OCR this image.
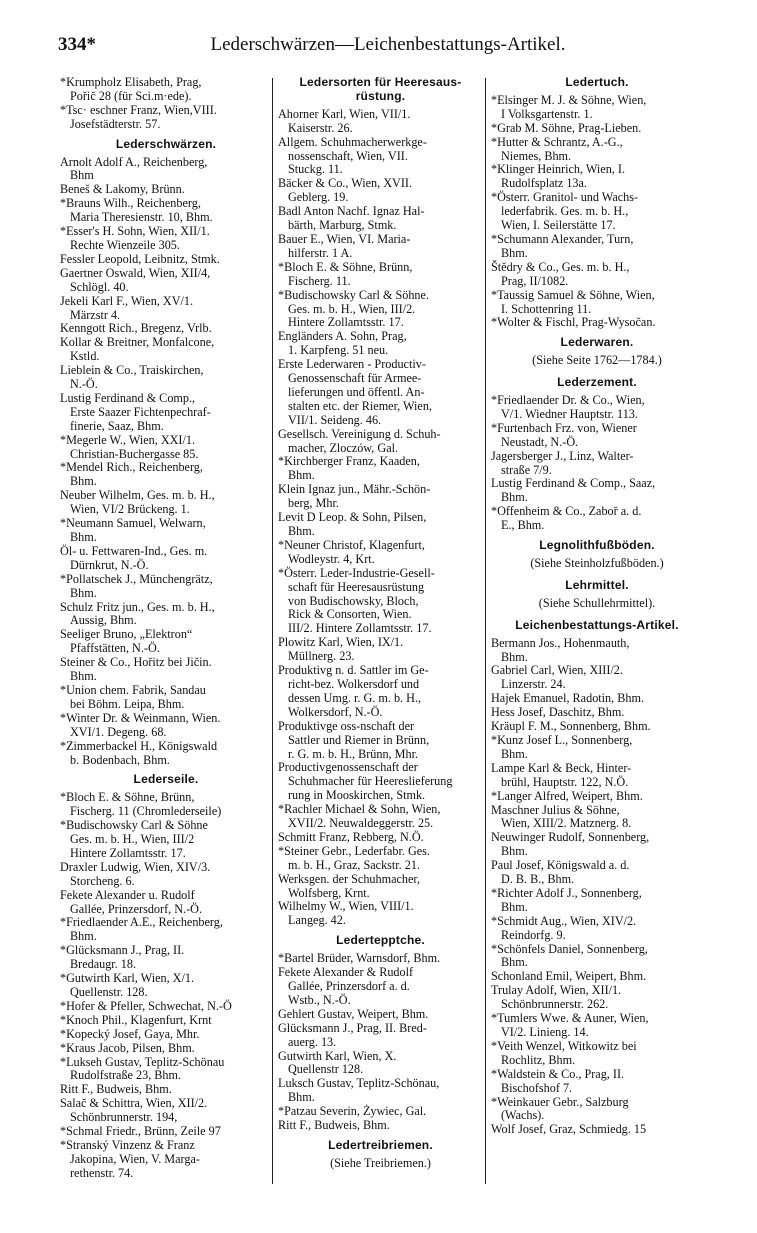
334*	Lederschwärzen—Leichenbestattungs-Artikel.
*Krumpholz Elisabeth, Prag,
Pořič 28 (für Sci.m·ede).
*Tsc· eschner Franz, Wien,VIII.
Josefstädterstr. 57.
Lederschwärzen.
Arnolt Adolf A., Reichenberg,
Bhm
Beneš & Lakomy, Brünn.
*Brauns Wilh., Reichenberg,
Maria Theresienstr. 10, Bhm.
*Esser's H. Sohn, Wien, XII/1.
Rechte Wienzeile 305.
Fessler Leopold, Leibnitz, Stmk.
Gaertner Oswald, Wien, XII/4,
Schlögl. 40.
Jekeli Karl F., Wien, XV/1.
Märzstr 4.
Kenngott Rich., Bregenz, Vrlb.
Kollar & Breitner, Monfalcone,
Kstld.
Lieblein & Co., Traiskirchen,
N.-Ö.
Lustig Ferdinand & Comp.,
Erste Saazer Fichtenpechraf-
finerie, Saaz, Bhm.
*Megerle W., Wien, XXI/1.
Christian-Buchergasse 85.
*Mendel Rich., Reichenberg,
Bhm.
Neuber Wilhelm, Ges. m. b. H.,
Wien, VI/2 Brückeng. 1.
*Neumann Samuel, Welwarn,
Bhm.
Öl- u. Fettwaren-Ind., Ges. m.
Dürnkrut, N.-Ö.
*Pollatschek J., Münchengrätz,
Bhm.
Schulz Fritz jun., Ges. m. b. H.,
Aussig, Bhm.
Seeliger Bruno, „Elektron“
Pfaffstätten, N.-Ö.
Steiner & Co., Hořitz bei Jičin.
Bhm.
*Union chem. Fabrik, Sandau
bei Böhm. Leipa, Bhm.
*Winter Dr. & Weinmann, Wien.
XVI/1. Degeng. 68.
*Zimmerbackel H., Königswald
b. Bodenbach, Bhm.
Lederseile.
*Bloch E. & Söhne, Brünn,
Fischerg. 11 (Chromlederseile)
*Budischowsky Carl & Söhne
Ges. m. b. H., Wien, III/2
Hintere Zollamtsstr. 17.
Draxler Ludwig, Wien, XIV/3.
Storcheng. 6.
Fekete Alexander u. Rudolf
Gallée, Prinzersdorf, N.-Ö.
*Friedlaender A.E., Reichenberg,
Bhm.
*Glücksmann J., Prag, II.
Bredaugr. 18.
*Gutwirth Karl, Wien, X/1.
Quellenstr. 128.
*Hofer & Pfeller, Schwechat, N.-Ö
*Knoch Phil., Klagenfurt, Krnt
*Kopecký Josef, Gaya, Mhr.
*Kraus Jacob, Pilsen, Bhm.
*Lukseh Gustav, Teplitz-Schönau
Rudolfstraße 23, Bhm.
Ritt F., Budweis, Bhm.
Salač & Schittra, Wien, XII/2.
Schönbrunnerstr. 194,
*Schmal Friedr., Brünn, Zeile 97
*Stranský Vinzenz & Franz
Jakopina, Wien, V. Marga-
rethenstr. 74.
Ledersorten für Heeresaus-
rüstung.
Ahorner Karl, Wien, VII/1.
Kaiserstr. 26.
Allgem. Schuhmacherwerkge-
nossenschaft, Wien, VII.
Stuckg. 11.
Bäcker & Co., Wien, XVII.
Geblerg. 19.
Badl Anton Nachf. Ignaz Hal-
bärth, Marburg, Stmk.
Bauer E., Wien, VI. Maria-
hilferstr. 1 A.
*Bloch E. & Söhne, Brünn,
Fischerg. 11.
*Budischowsky Carl & Söhne.
Ges. m. b. H., Wien, III/2.
Hintere Zollamtsstr. 17.
Engländers A. Sohn, Prag,
1. Karpfeng. 51 neu.
Erste Lederwaren - Productiv-
Genossenschaft für Armee-
lieferungen und öffentl. An-
stalten etc. der Riemer, Wien,
VII/1. Seideng. 46.
Gesellsch. Vereinigung d. Schuh-
macher, Zloczów, Gal.
*Kirchberger Franz, Kaaden,
Bhm.
Klein Ignaz jun., Mähr.-Schön-
berg, Mhr.
Levit D Leop. & Sohn, Pilsen,
Bhm.
*Neuner Christof, Klagenfurt,
Wodleystr. 4, Krt.
*Österr. Leder-Industrie-Gesell-
schaft für Heeresausrüstung
von Budischowsky, Bloch,
Rick & Consorten, Wien.
III/2. Hintere Zollamtsstr. 17.
Plowitz Karl, Wien, IX/1.
Müllnerg. 23.
Produktivg n. d. Sattler im Ge-
richt-bez. Wolkersdorf und
dessen Umg. r. G. m. b. H.,
Wolkersdorf, N.-Ö.
Produktivge oss-nschaft der
Sattler und Riemer in Brünn,
r. G. m. b. H., Brünn, Mhr.
Productivgenossenschaft der
Schuhmacher für Heereslieferung
rung in Mooskirchen, Stmk.
*Rachler Michael & Sohn, Wien,
XVII/2. Neuwaldeggerstr. 25.
Schmitt Franz, Rebberg, N.Ö.
*Steiner Gebr., Lederfabr. Ges.
m. b. H., Graz, Sackstr. 21.
Werksgen. der Schuhmacher,
Wolfsberg, Krnt.
Wilhelmy W., Wien, VIII/1.
Langeg. 42.
Ledertepptche.
*Bartel Brüder, Warnsdorf, Bhm.
Fekete Alexander & Rudolf
Gallée, Prinzersdorf a. d.
Wstb., N.-Ö.
Gehlert Gustav, Weipert, Bhm.
Glücksmann J., Prag, II. Bred-
auerg. 13.
Gutwirth Karl, Wien, X.
Quellenstr 128.
Luksch Gustav, Teplitz-Schönau,
Bhm.
*Patzau Severin, Żywiec, Gal.
Ritt F., Budweis, Bhm.
Ledertreibriemen.
(Siehe Treibriemen.)
Ledertuch.
*Elsinger M. J. & Söhne, Wien,
I Volksgartenstr. 1.
*Grab M. Söhne, Prag-Lieben.
*Hutter & Schrantz, A.-G.,
Niemes, Bhm.
*Klinger Heinrich, Wien, I.
Rudolfsplatz 13a.
*Österr. Granitol- und Wachs-
lederfabrik. Ges. m. b. H.,
Wien, I. Seilerstätte 17.
*Schumann Alexander, Turn,
Bhm.
Štědry & Co., Ges. m. b. H.,
Prag, II/1082.
*Taussig Samuel & Söhne, Wien,
I. Schottenring 11.
*Wolter & Fischl, Prag-Wysočan.
Lederwaren.
(Siehe Seite 1762—1784.)
Lederzement.
*Friedlaender Dr. & Co., Wien,
V/1. Wiedner Hauptstr. 113.
*Furtenbach Frz. von, Wiener
Neustadt, N.-Ö.
Jagersberger J., Linz, Walter-
straße 7/9.
Lustig Ferdinand & Comp., Saaz,
Bhm.
*Offenheim & Co., Zaboř a. d.
E., Bhm.
Legnolithfußböden.
(Siehe Steinholzfußböden.)
Lehrmittel.
(Siehe Schullehrmittel).
Leichenbestattungs-Artikel.
Bermann Jos., Hohenmauth,
Bhm.
Gabriel Carl, Wien, XIII/2.
Linzerstr. 24.
Hajek Emanuel, Radotin, Bhm.
Hess Josef, Daschitz, Bhm.
Kräupl F. M., Sonnenberg, Bhm.
*Kunz Josef L., Sonnenberg,
Bhm.
Lampe Karl & Beck, Hinter-
brühl, Hauptstr. 122, N.Ö.
*Langer Alfred, Weipert, Bhm.
Maschner Julius & Söhne,
Wien, XIII/2. Matznerg. 8.
Neuwinger Rudolf, Sonnenberg,
Bhm.
Paul Josef, Königswald a. d.
D. B. B., Bhm.
*Richter Adolf J., Sonnenberg,
Bhm.
*Schmidt Aug., Wien, XIV/2.
Reindorfg. 9.
*Schönfels Daniel, Sonnenberg,
Bhm.
Schonland Emil, Weipert, Bhm.
Trulay Adolf, Wien, XII/1.
Schönbrunnerstr. 262.
*Tumlers Wwe. & Auner, Wien,
VI/2. Linieng. 14.
*Veith Wenzel, Witkowitz bei
Rochlitz, Bhm.
*Waldstein & Co., Prag, II.
Bischofshof 7.
*Weinkauer Gebr., Salzburg
(Wachs).
Wolf Josef, Graz, Schmiedg. 15
